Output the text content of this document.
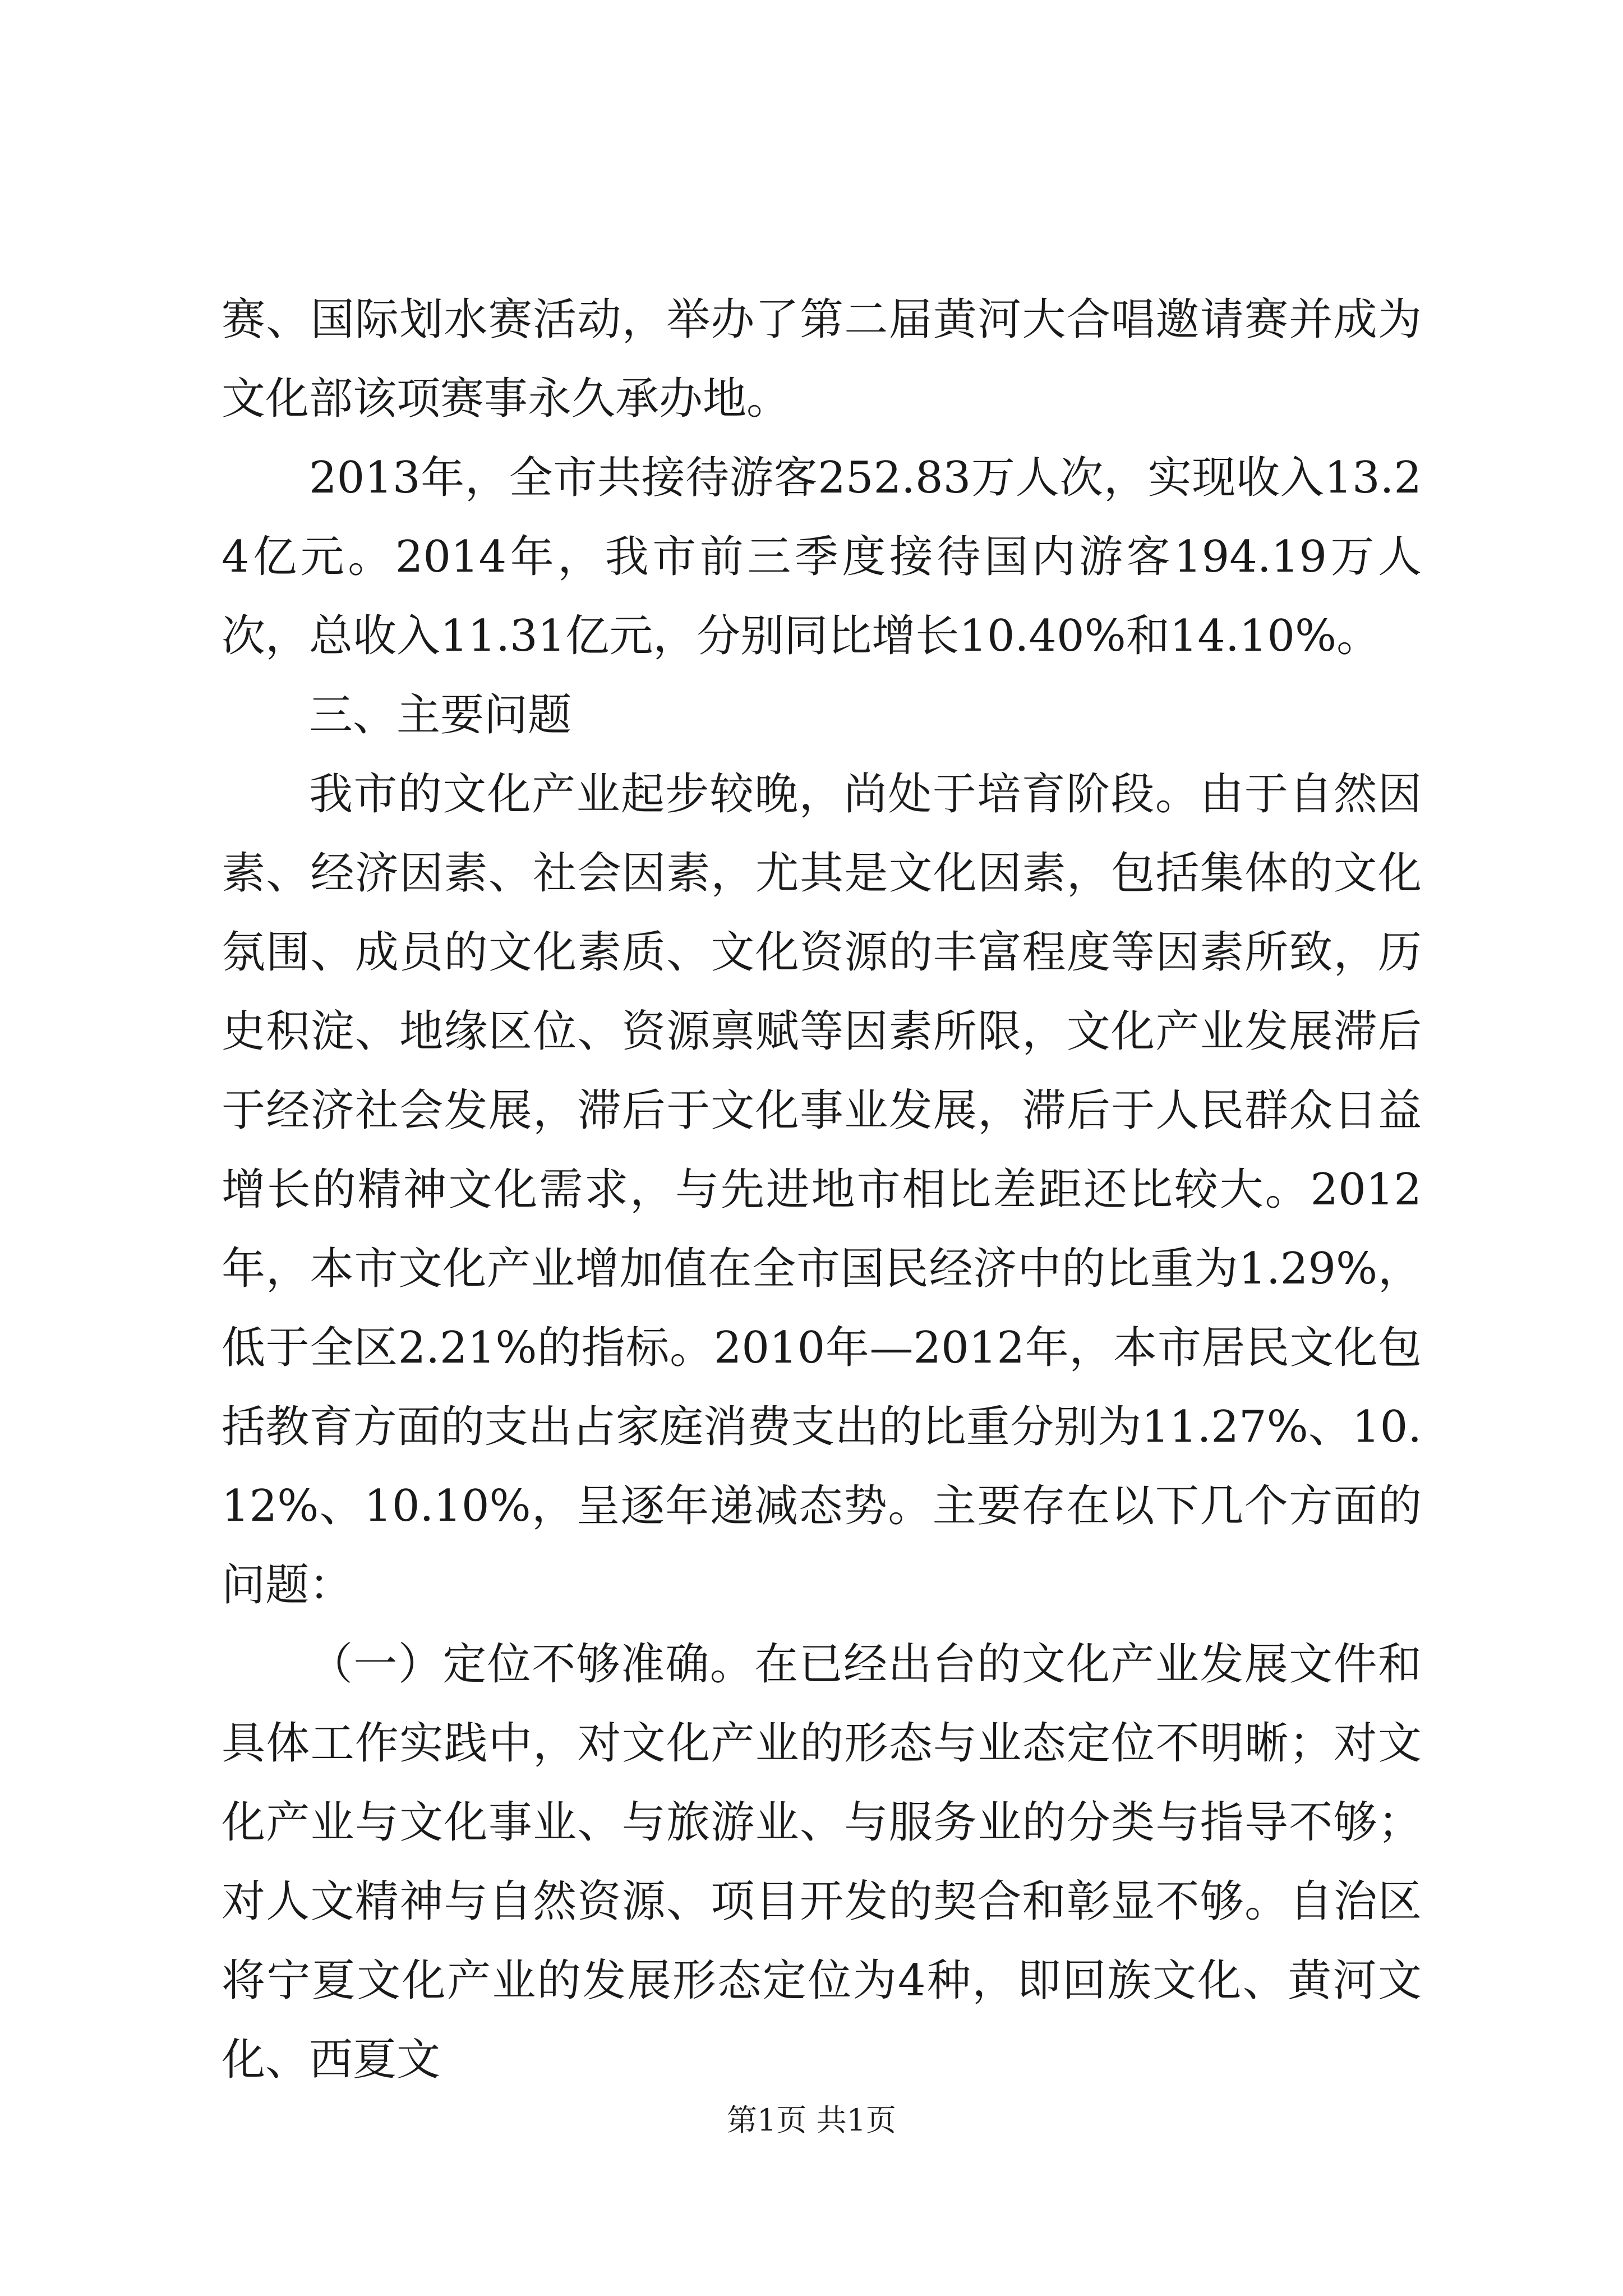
赛、国际划水赛活动，举办了第二届黄河大合唱邀请赛并成为文化部该项赛事永久承办地。

2013年，全市共接待游客252.83万人次，实现收入13.24亿元。2014年，我市前三季度接待国内游客194.19万人次，总收入11.31亿元，分别同比增长10.40%和14.10%。

三、主要问题

我市的文化产业起步较晚，尚处于培育阶段。由于自然因素、经济因素、社会因素，尤其是文化因素，包括集体的文化氛围、成员的文化素质、文化资源的丰富程度等因素所致，历史积淀、地缘区位、资源禀赋等因素所限，文化产业发展滞后于经济社会发展，滞后于文化事业发展，滞后于人民群众日益增长的精神文化需求，与先进地市相比差距还比较大。2012年，本市文化产业增加值在全市国民经济中的比重为1.29%，低于全区2.21%的指标。2010年—2012年，本市居民文化包括教育方面的支出占家庭消费支出的比重分别为11.27%、10.12%、10.10%，呈逐年递减态势。主要存在以下几个方面的问题：

（一）定位不够准确。在已经出台的文化产业发展文件和具体工作实践中，对文化产业的形态与业态定位不明晰；对文化产业与文化事业、与旅游业、与服务业的分类与指导不够；对人文精神与自然资源、项目开发的契合和彰显不够。自治区将宁夏文化产业的发展形态定位为4种，即回族文化、黄河文化、西夏文

第1页 共1页
